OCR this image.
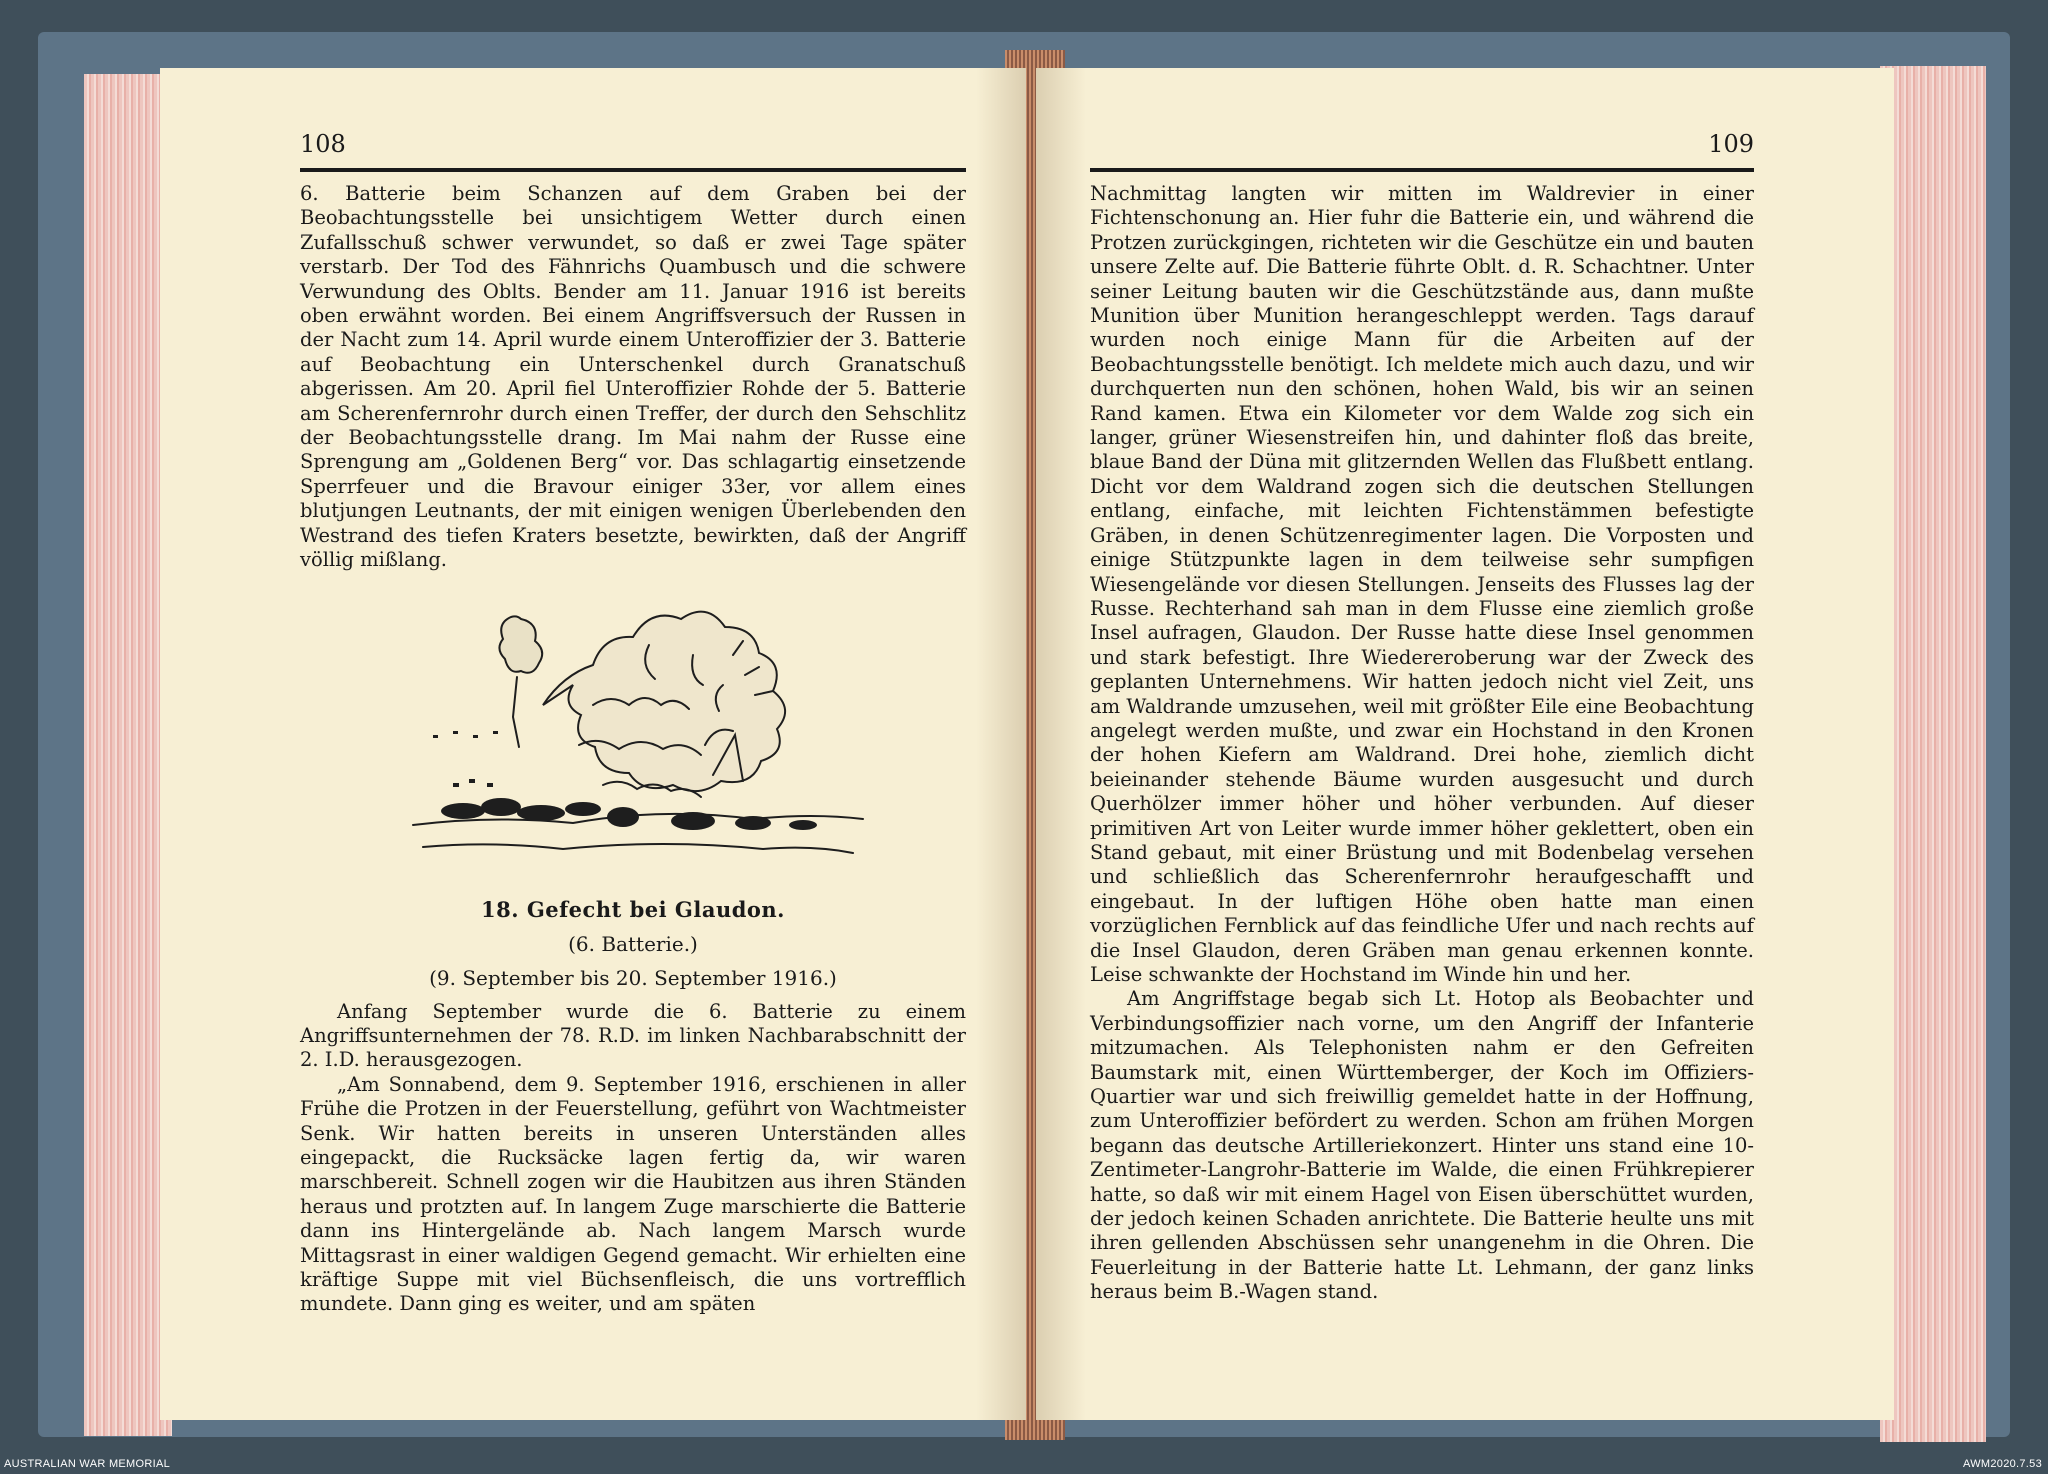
108

6. Batterie beim Schanzen auf dem Graben bei der Beobachtungsstelle bei unsichtigem Wetter durch einen Zufallsschuß schwer verwundet, so daß er zwei Tage später verstarb. Der Tod des Fähnrichs Quambusch und die schwere Verwundung des Oblts. Bender am 11. Januar 1916 ist bereits oben erwähnt worden. Bei einem Angriffsversuch der Russen in der Nacht zum 14. April wurde einem Unteroffizier der 3. Batterie auf Beobachtung ein Unterschenkel durch Granatschuß abgerissen. Am 20. April fiel Unteroffizier Rohde der 5. Batterie am Scherenfernrohr durch einen Treffer, der durch den Sehschlitz der Beobachtungsstelle drang. Im Mai nahm der Russe eine Sprengung am „Goldenen Berg“ vor. Das schlagartig einsetzende Sperrfeuer und die Bravour einiger 33er, vor allem eines blutjungen Leutnants, der mit einigen wenigen Überlebenden den Westrand des tiefen Kraters besetzte, bewirkten, daß der Angriff völlig mißlang.

18. Gefecht bei Glaudon.

(6. Batterie.)

(9. September bis 20. September 1916.)

Anfang September wurde die 6. Batterie zu einem Angriffsunternehmen der 78. R.D. im linken Nachbarabschnitt der 2. I.D. herausgezogen.

„Am Sonnabend, dem 9. September 1916, erschienen in aller Frühe die Protzen in der Feuerstellung, geführt von Wachtmeister Senk. Wir hatten bereits in unseren Unterständen alles eingepackt, die Rucksäcke lagen fertig da, wir waren marschbereit. Schnell zogen wir die Haubitzen aus ihren Ständen heraus und protzten auf. In langem Zuge marschierte die Batterie dann ins Hintergelände ab. Nach langem Marsch wurde Mittagsrast in einer waldigen Gegend gemacht. Wir erhielten eine kräftige Suppe mit viel Büchsenfleisch, die uns vortrefflich mundete. Dann ging es weiter, und am späten

109

Nachmittag langten wir mitten im Waldrevier in einer Fichtenschonung an. Hier fuhr die Batterie ein, und während die Protzen zurückgingen, richteten wir die Geschütze ein und bauten unsere Zelte auf. Die Batterie führte Oblt. d. R. Schachtner. Unter seiner Leitung bauten wir die Geschützstände aus, dann mußte Munition über Munition herangeschleppt werden. Tags darauf wurden noch einige Mann für die Arbeiten auf der Beobachtungsstelle benötigt. Ich meldete mich auch dazu, und wir durchquerten nun den schönen, hohen Wald, bis wir an seinen Rand kamen. Etwa ein Kilometer vor dem Walde zog sich ein langer, grüner Wiesenstreifen hin, und dahinter floß das breite, blaue Band der Düna mit glitzernden Wellen das Flußbett entlang. Dicht vor dem Waldrand zogen sich die deutschen Stellungen entlang, einfache, mit leichten Fichtenstämmen befestigte Gräben, in denen Schützenregimenter lagen. Die Vorposten und einige Stützpunkte lagen in dem teilweise sehr sumpfigen Wiesengelände vor diesen Stellungen. Jenseits des Flusses lag der Russe. Rechterhand sah man in dem Flusse eine ziemlich große Insel aufragen, Glaudon. Der Russe hatte diese Insel genommen und stark befestigt. Ihre Wiedereroberung war der Zweck des geplanten Unternehmens. Wir hatten jedoch nicht viel Zeit, uns am Waldrande umzusehen, weil mit größter Eile eine Beobachtung angelegt werden mußte, und zwar ein Hochstand in den Kronen der hohen Kiefern am Waldrand. Drei hohe, ziemlich dicht beieinander stehende Bäume wurden ausgesucht und durch Querhölzer immer höher und höher verbunden. Auf dieser primitiven Art von Leiter wurde immer höher geklettert, oben ein Stand gebaut, mit einer Brüstung und mit Bodenbelag versehen und schließlich das Scherenfernrohr heraufgeschafft und eingebaut. In der luftigen Höhe oben hatte man einen vorzüglichen Fernblick auf das feindliche Ufer und nach rechts auf die Insel Glaudon, deren Gräben man genau erkennen konnte. Leise schwankte der Hochstand im Winde hin und her.

Am Angriffstage begab sich Lt. Hotop als Beobachter und Verbindungsoffizier nach vorne, um den Angriff der Infanterie mitzumachen. Als Telephonisten nahm er den Gefreiten Baumstark mit, einen Württemberger, der Koch im Offiziers-Quartier war und sich freiwillig gemeldet hatte in der Hoffnung, zum Unteroffizier befördert zu werden. Schon am frühen Morgen begann das deutsche Artilleriekonzert. Hinter uns stand eine 10-Zentimeter-Langrohr-Batterie im Walde, die einen Frühkrepierer hatte, so daß wir mit einem Hagel von Eisen überschüttet wurden, der jedoch keinen Schaden anrichtete. Die Batterie heulte uns mit ihren gellenden Abschüssen sehr unangenehm in die Ohren. Die Feuerleitung in der Batterie hatte Lt. Lehmann, der ganz links heraus beim B.-Wagen stand.

AUSTRALIAN WAR MEMORIAL	AWM2020.7.53
